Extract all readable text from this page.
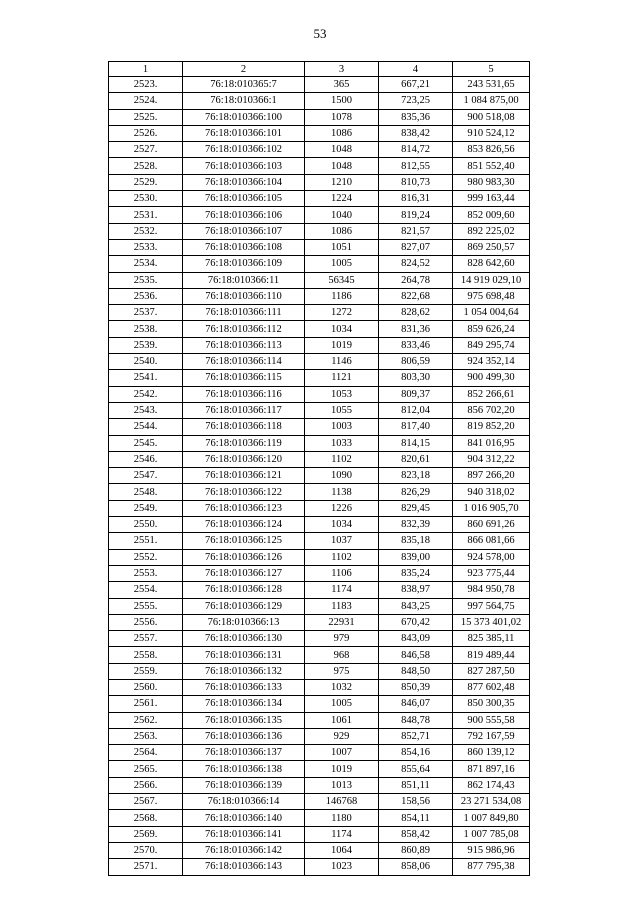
53
1	2	3	4	5
2523.	76:18:010365:7	365	667,21	243 531,65
2524.	76:18:010366:1	1500	723,25	1 084 875,00
2525.	76:18:010366:100	1078	835,36	900 518,08
2526.	76:18:010366:101	1086	838,42	910 524,12
2527.	76:18:010366:102	1048	814,72	853 826,56
2528.	76:18:010366:103	1048	812,55	851 552,40
2529.	76:18:010366:104	1210	810,73	980 983,30
2530.	76:18:010366:105	1224	816,31	999 163,44
2531.	76:18:010366:106	1040	819,24	852 009,60
2532.	76:18:010366:107	1086	821,57	892 225,02
2533.	76:18:010366:108	1051	827,07	869 250,57
2534.	76:18:010366:109	1005	824,52	828 642,60
2535.	76:18:010366:11	56345	264,78	14 919 029,10
2536.	76:18:010366:110	1186	822,68	975 698,48
2537.	76:18:010366:111	1272	828,62	1 054 004,64
2538.	76:18:010366:112	1034	831,36	859 626,24
2539.	76:18:010366:113	1019	833,46	849 295,74
2540.	76:18:010366:114	1146	806,59	924 352,14
2541.	76:18:010366:115	1121	803,30	900 499,30
2542.	76:18:010366:116	1053	809,37	852 266,61
2543.	76:18:010366:117	1055	812,04	856 702,20
2544.	76:18:010366:118	1003	817,40	819 852,20
2545.	76:18:010366:119	1033	814,15	841 016,95
2546.	76:18:010366:120	1102	820,61	904 312,22
2547.	76:18:010366:121	1090	823,18	897 266,20
2548.	76:18:010366:122	1138	826,29	940 318,02
2549.	76:18:010366:123	1226	829,45	1 016 905,70
2550.	76:18:010366:124	1034	832,39	860 691,26
2551.	76:18:010366:125	1037	835,18	866 081,66
2552.	76:18:010366:126	1102	839,00	924 578,00
2553.	76:18:010366:127	1106	835,24	923 775,44
2554.	76:18:010366:128	1174	838,97	984 950,78
2555.	76:18:010366:129	1183	843,25	997 564,75
2556.	76:18:010366:13	22931	670,42	15 373 401,02
2557.	76:18:010366:130	979	843,09	825 385,11
2558.	76:18:010366:131	968	846,58	819 489,44
2559.	76:18:010366:132	975	848,50	827 287,50
2560.	76:18:010366:133	1032	850,39	877 602,48
2561.	76:18:010366:134	1005	846,07	850 300,35
2562.	76:18:010366:135	1061	848,78	900 555,58
2563.	76:18:010366:136	929	852,71	792 167,59
2564.	76:18:010366:137	1007	854,16	860 139,12
2565.	76:18:010366:138	1019	855,64	871 897,16
2566.	76:18:010366:139	1013	851,11	862 174,43
2567.	76:18:010366:14	146768	158,56	23 271 534,08
2568.	76:18:010366:140	1180	854,11	1 007 849,80
2569.	76:18:010366:141	1174	858,42	1 007 785,08
2570.	76:18:010366:142	1064	860,89	915 986,96
2571.	76:18:010366:143	1023	858,06	877 795,38
